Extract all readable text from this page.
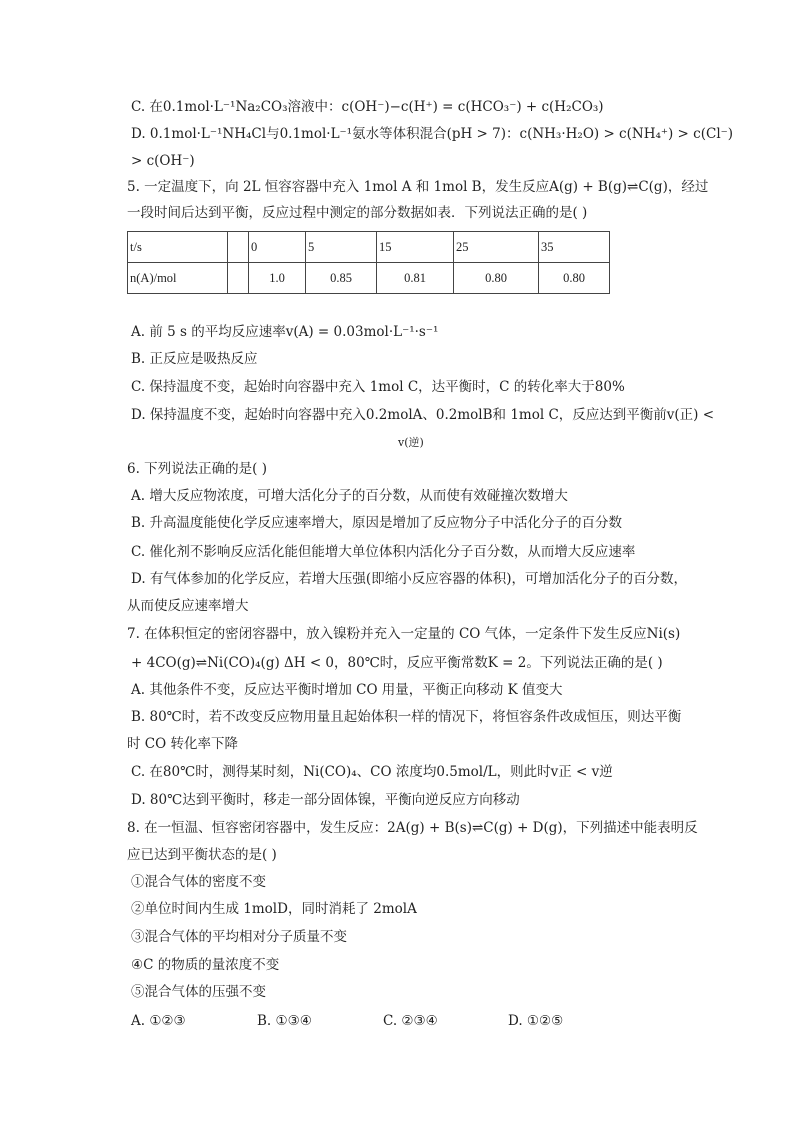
C. 在0.1mol·L⁻¹Na₂CO₃溶液中：c(OH⁻)−c(H⁺) = c(HCO₃⁻) + c(H₂CO₃)
D. 0.1mol·L⁻¹NH₄Cl与0.1mol·L⁻¹氨水等体积混合(pH > 7)：c(NH₃·H₂O) > c(NH₄⁺) > c(Cl⁻)
> c(OH⁻)
5. 一定温度下，向 2L 恒容容器中充入 1mol A 和 1mol B，发生反应A(g) + B(g)⇌C(g)，经过
一段时间后达到平衡，反应过程中测定的部分数据如表．下列说法正确的是( )
t/s		0	5	15	25	35
n(A)/mol		1.0	0.85	0.81	0.80	0.80
A. 前 5 s 的平均反应速率v(A) = 0.03mol·L⁻¹·s⁻¹
B. 正反应是吸热反应
C. 保持温度不变，起始时向容器中充入 1mol C，达平衡时，C 的转化率大于80%
D. 保持温度不变，起始时向容器中充入0.2molA、0.2molB和 1mol C，反应达到平衡前v(正) <
v(逆)
6. 下列说法正确的是( )
A. 增大反应物浓度，可增大活化分子的百分数，从而使有效碰撞次数增大
B. 升高温度能使化学反应速率增大，原因是增加了反应物分子中活化分子的百分数
C. 催化剂不影响反应活化能但能增大单位体积内活化分子百分数，从而增大反应速率
D. 有气体参加的化学反应，若增大压强(即缩小反应容器的体积)，可增加活化分子的百分数，
从而使反应速率增大
7. 在体积恒定的密闭容器中，放入镍粉并充入一定量的 CO 气体，一定条件下发生反应Ni(s)
+ 4CO(g)⇌Ni(CO)₄(g) ΔH < 0，80℃时，反应平衡常数K = 2。下列说法正确的是( )
A. 其他条件不变，反应达平衡时增加 CO 用量，平衡正向移动 K 值变大
B. 80℃时，若不改变反应物用量且起始体积一样的情况下，将恒容条件改成恒压，则达平衡
时 CO 转化率下降
C. 在80℃时，测得某时刻，Ni(CO)₄、CO 浓度均0.5mol/L，则此时v正 < v逆
D. 80℃达到平衡时，移走一部分固体镍，平衡向逆反应方向移动
8. 在一恒温、恒容密闭容器中，发生反应：2A(g) + B(s)⇌C(g) + D(g)，下列描述中能表明反
应已达到平衡状态的是( )
①混合气体的密度不变
②单位时间内生成 1molD，同时消耗了 2molA
③混合气体的平均相对分子质量不变
④C 的物质的量浓度不变
⑤混合气体的压强不变
A. ①②③	B. ①③④	C. ②③④	D. ①②⑤
